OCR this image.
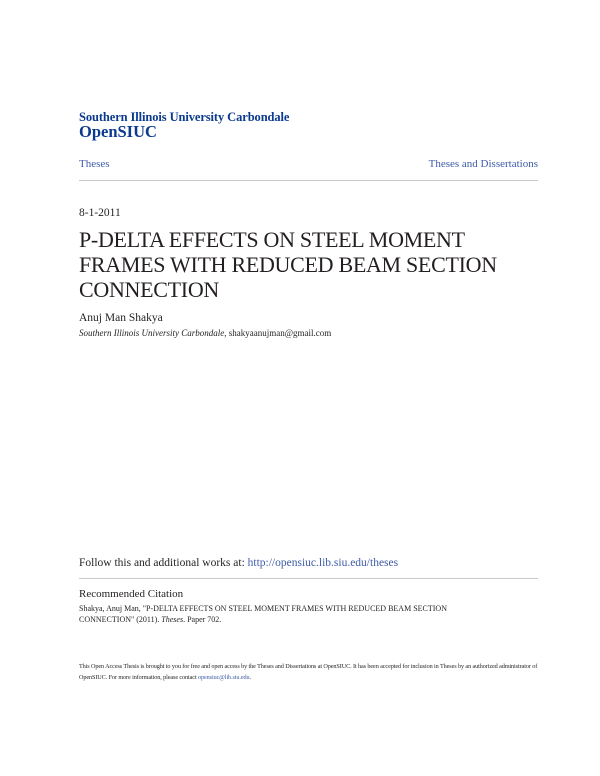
Southern Illinois University Carbondale
OpenSIUC
Theses	Theses and Dissertations
8-1-2011
P-DELTA EFFECTS ON STEEL MOMENT FRAMES WITH REDUCED BEAM SECTION CONNECTION
Anuj Man Shakya
Southern Illinois University Carbondale, shakyaanujman@gmail.com
Follow this and additional works at: http://opensiuc.lib.siu.edu/theses
Recommended Citation
Shakya, Anuj Man, "P-DELTA EFFECTS ON STEEL MOMENT FRAMES WITH REDUCED BEAM SECTION CONNECTION" (2011). Theses. Paper 702.
This Open Access Thesis is brought to you for free and open access by the Theses and Dissertations at OpenSIUC. It has been accepted for inclusion in Theses by an authorized administrator of OpenSIUC. For more information, please contact opensiuc@lib.siu.edu.
